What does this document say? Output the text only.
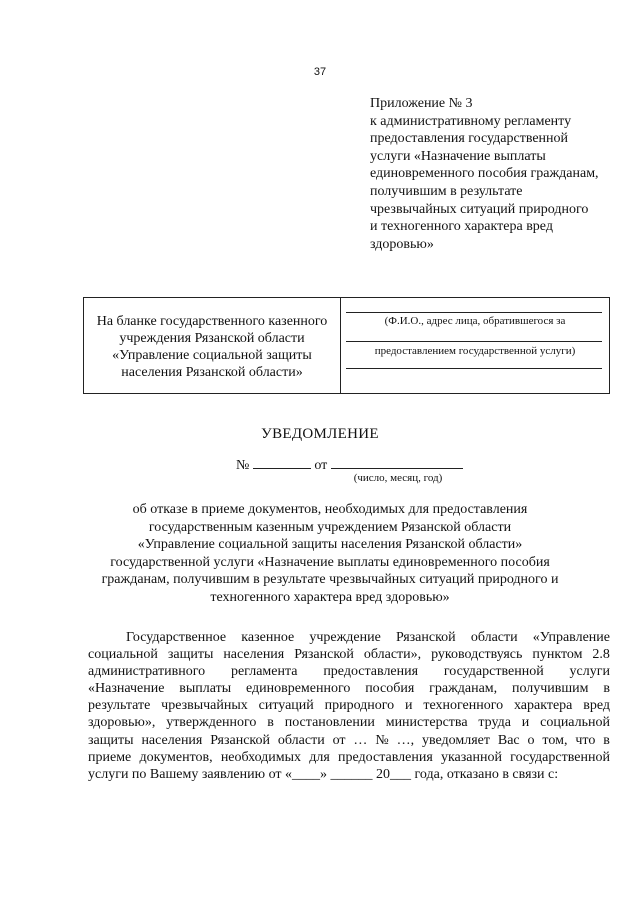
37
Приложение № 3
к административному регламенту
предоставления государственной
услуги «Назначение выплаты
единовременного пособия гражданам,
получившим в результате
чрезвычайных ситуаций природного
и техногенного характера вред
здоровью»
На бланке государственного казенного
учреждения Рязанской области
«Управление социальной защиты
населения Рязанской области»
(Ф.И.О., адрес лица, обратившегося за
предоставлением государственной услуги)
УВЕДОМЛЕНИЕ
№	от
(число, месяц, год)
об отказе в приеме документов, необходимых для предоставления
государственным казенным учреждением Рязанской области
«Управление социальной защиты населения Рязанской области»
государственной услуги «Назначение выплаты единовременного пособия
гражданам, получившим в результате чрезвычайных ситуаций природного и
техногенного характера вред здоровью»
Государственное казенное учреждение Рязанской области «Управление
социальной защиты населения Рязанской области», руководствуясь пунктом 2.8
административного регламента предоставления государственной услуги
«Назначение выплаты единовременного пособия гражданам, получившим в
результате чрезвычайных ситуаций природного и техногенного характера вред
здоровью», утвержденного в постановлении министерства труда и социальной
защиты населения Рязанской области от … № …, уведомляет Вас о том, что в
приеме документов, необходимых для предоставления указанной государственной
услуги по Вашему заявлению от «____» ______ 20___ года, отказано в связи с:
